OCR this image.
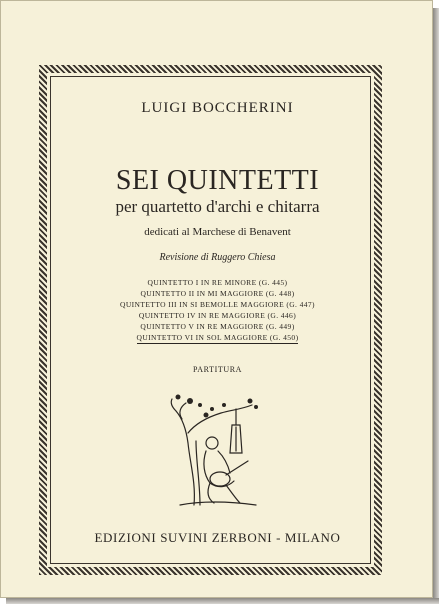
LUIGI BOCCHERINI
SEI QUINTETTI
per quartetto d'archi e chitarra
dedicati al Marchese di Benavent
Revisione di Ruggero Chiesa
QUINTETTO I IN RE MINORE (G. 445)
QUINTETTO II IN MI MAGGIORE (G. 448)
QUINTETTO III IN SI BEMOLLE MAGGIORE (G. 447)
QUINTETTO IV IN RE MAGGIORE (G. 446)
QUINTETTO V IN RE MAGGIORE (G. 449)
QUINTETTO VI IN SOL MAGGIORE (G. 450)
PARTITURA
EDIZIONI SUVINI ZERBONI - MILANO
